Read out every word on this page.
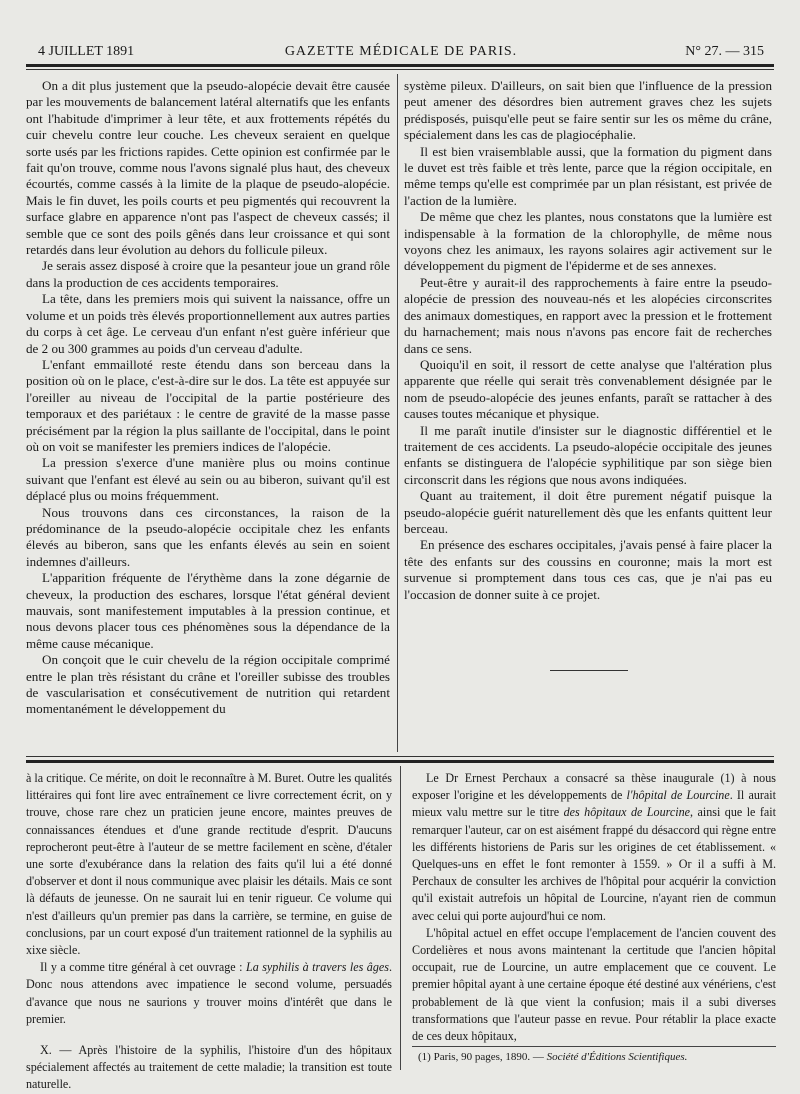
4 JUILLET 1891	GAZETTE MÉDICALE DE PARIS.	N° 27. — 315

On a dit plus justement que la pseudo-alopécie devait être causée par les mouvements de balancement latéral alternatifs que les enfants ont l'habitude d'imprimer à leur tête, et aux frottements répétés du cuir chevelu contre leur couche. Les cheveux seraient en quelque sorte usés par les frictions rapides. Cette opinion est confirmée par le fait qu'on trouve, comme nous l'avons signalé plus haut, des cheveux écourtés, comme cassés à la limite de la plaque de pseudo-alopécie. Mais le fin duvet, les poils courts et peu pigmentés qui recouvrent la surface glabre en apparence n'ont pas l'aspect de cheveux cassés; il semble que ce sont des poils gênés dans leur croissance et qui sont retardés dans leur évolution au dehors du follicule pileux.

Je serais assez disposé à croire que la pesanteur joue un grand rôle dans la production de ces accidents temporaires.

La tête, dans les premiers mois qui suivent la naissance, offre un volume et un poids très élevés proportionnellement aux autres parties du corps à cet âge. Le cerveau d'un enfant n'est guère inférieur que de 2 ou 300 grammes au poids d'un cerveau d'adulte.

L'enfant emmailloté reste étendu dans son berceau dans la position où on le place, c'est-à-dire sur le dos. La tête est appuyée sur l'oreiller au niveau de l'occipital de la partie postérieure des temporaux et des pariétaux : le centre de gravité de la masse passe précisément par la région la plus saillante de l'occipital, dans le point où on voit se manifester les premiers indices de l'alopécie.

La pression s'exerce d'une manière plus ou moins continue suivant que l'enfant est élevé au sein ou au biberon, suivant qu'il est déplacé plus ou moins fréquemment.

Nous trouvons dans ces circonstances, la raison de la prédominance de la pseudo-alopécie occipitale chez les enfants élevés au biberon, sans que les enfants élevés au sein en soient indemnes d'ailleurs.

L'apparition fréquente de l'érythème dans la zone dégarnie de cheveux, la production des eschares, lorsque l'état général devient mauvais, sont manifestement imputables à la pression continue, et nous devons placer tous ces phénomènes sous la dépendance de la même cause mécanique.

On conçoit que le cuir chevelu de la région occipitale comprimé entre le plan très résistant du crâne et l'oreiller subisse des troubles de vascularisation et consécutivement de nutrition qui retardent momentanément le développement du

système pileux. D'ailleurs, on sait bien que l'influence de la pression peut amener des désordres bien autrement graves chez les sujets prédisposés, puisqu'elle peut se faire sentir sur les os même du crâne, spécialement dans les cas de plagiocéphalie.

Il est bien vraisemblable aussi, que la formation du pigment dans le duvet est très faible et très lente, parce que la région occipitale, en même temps qu'elle est comprimée par un plan résistant, est privée de l'action de la lumière.

De même que chez les plantes, nous constatons que la lumière est indispensable à la formation de la chlorophylle, de même nous voyons chez les animaux, les rayons solaires agir activement sur le développement du pigment de l'épiderme et de ses annexes.

Peut-être y aurait-il des rapprochements à faire entre la pseudo-alopécie de pression des nouveau-nés et les alopécies circonscrites des animaux domestiques, en rapport avec la pression et le frottement du harnachement; mais nous n'avons pas encore fait de recherches dans ce sens.

Quoiqu'il en soit, il ressort de cette analyse que l'altération plus apparente que réelle qui serait très convenablement désignée par le nom de pseudo-alopécie des jeunes enfants, paraît se rattacher à des causes toutes mécanique et physique.

Il me paraît inutile d'insister sur le diagnostic différentiel et le traitement de ces accidents. La pseudo-alopécie occipitale des jeunes enfants se distinguera de l'alopécie syphilitique par son siège bien circonscrit dans les régions que nous avons indiquées.

Quant au traitement, il doit être purement négatif puisque la pseudo-alopécie guérit naturellement dès que les enfants quittent leur berceau.

En présence des eschares occipitales, j'avais pensé à faire placer la tête des enfants sur des coussins en couronne; mais la mort est survenue si promptement dans tous ces cas, que je n'ai pas eu l'occasion de donner suite à ce projet.

à la critique. Ce mérite, on doit le reconnaître à M. Buret. Outre les qualités littéraires qui font lire avec entraînement ce livre correctement écrit, on y trouve, chose rare chez un praticien jeune encore, maintes preuves de connaissances étendues et d'une grande rectitude d'esprit. D'aucuns reprocheront peut-être à l'auteur de se mettre facilement en scène, d'étaler une sorte d'exubérance dans la relation des faits qu'il lui a été donné d'observer et dont il nous communique avec plaisir les détails. Mais ce sont là défauts de jeunesse. On ne saurait lui en tenir rigueur. Ce volume qui n'est d'ailleurs qu'un premier pas dans la carrière, se termine, en guise de conclusions, par un court exposé d'un traitement rationnel de la syphilis au xixe siècle.

Il y a comme titre général à cet ouvrage : La syphilis à travers les âges. Donc nous attendons avec impatience le second volume, persuadés d'avance que nous ne saurions y trouver moins d'intérêt que dans le premier.

X. — Après l'histoire de la syphilis, l'histoire d'un des hôpitaux spécialement affectés au traitement de cette maladie; la transition est toute naturelle.

Le Dr Ernest Perchaux a consacré sa thèse inaugurale (1) à nous exposer l'origine et les développements de l'hôpital de Lourcine. Il aurait mieux valu mettre sur le titre des hôpitaux de Lourcine, ainsi que le fait remarquer l'auteur, car on est aisément frappé du désaccord qui règne entre les différents historiens de Paris sur les origines de cet établissement. « Quelques-uns en effet le font remonter à 1559. » Or il a suffi à M. Perchaux de consulter les archives de l'hôpital pour acquérir la conviction qu'il existait autrefois un hôpital de Lourcine, n'ayant rien de commun avec celui qui porte aujourd'hui ce nom.

L'hôpital actuel en effet occupe l'emplacement de l'ancien couvent des Cordelières et nous avons maintenant la certitude que l'ancien hôpital occupait, rue de Lourcine, un autre emplacement que ce couvent. Le premier hôpital ayant à une certaine époque été destiné aux vénériens, c'est probablement de là que vient la confusion; mais il a subi diverses transformations que l'auteur passe en revue. Pour rétablir la place exacte de ces deux hôpitaux,

(1) Paris, 90 pages, 1890. — Société d'Éditions Scientifiques.
